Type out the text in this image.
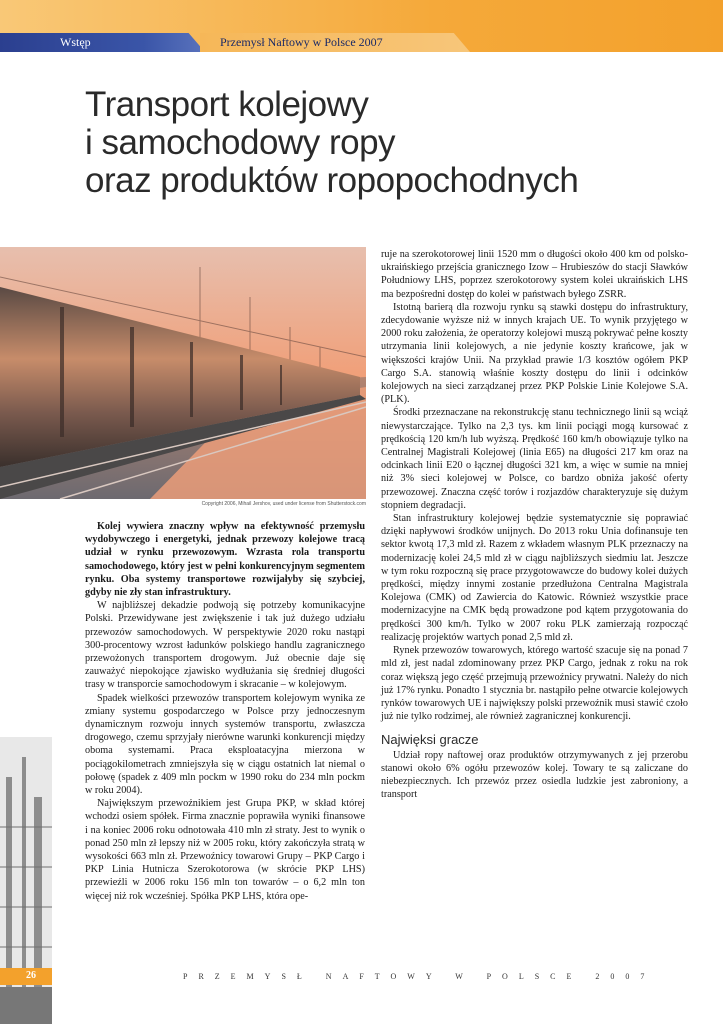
Wstęp	Przemysł Naftowy w Polsce 2007
Transport kolejowy
i samochodowy ropy
oraz produktów ropopochodnych
Copyright 2006, Mihail Jershov, used under license from Shutterstock.com

Kolej wywiera znaczny wpływ na efektywność przemysłu wydobywczego i energetyki, jednak przewozy kolejowe tracą udział w rynku przewozowym. Wzrasta rola transportu samochodowego, który jest w pełni konkurencyjnym segmentem rynku. Oba systemy transportowe rozwijałyby się szybciej, gdyby nie zły stan infrastruktury.

W najbliższej dekadzie podwoją się potrzeby komunikacyjne Polski. Przewidywane jest zwiększenie i tak już dużego udziału przewozów samochodowych. W perspektywie 2020 roku nastąpi 300-procentowy wzrost ładunków polskiego handlu zagranicznego przewożonych transportem drogowym. Już obecnie daje się zauważyć niepokojące zjawisko wydłużania się średniej długości trasy w transporcie samochodowym i skracanie – w kolejowym.

Spadek wielkości przewozów transportem kolejowym wynika ze zmiany systemu gospodarczego w Polsce przy jednoczesnym dynamicznym rozwoju innych systemów transportu, zwłaszcza drogowego, czemu sprzyjały nierówne warunki konkurencji między oboma systemami. Praca eksploatacyjna mierzona w pociągokilometrach zmniejszyła się w ciągu ostatnich lat niemal o połowę (spadek z 409 mln pockm w 1990 roku do 234 mln pockm w roku 2004).

Największym przewoźnikiem jest Grupa PKP, w skład której wchodzi osiem spółek. Firma znacznie poprawiła wyniki finansowe i na koniec 2006 roku odnotowała 410 mln zł straty. Jest to wynik o ponad 250 mln zł lepszy niż w 2005 roku, który zakończyła stratą w wysokości 663 mln zł. Przewoźnicy towarowi Grupy – PKP Cargo i PKP Linia Hutnicza Szerokotorowa (w skrócie PKP LHS) przewieźli w 2006 roku 156 mln ton towarów – o 6,2 mln ton więcej niż rok wcześniej. Spółka PKP LHS, która ope-

ruje na szerokotorowej linii 1520 mm o długości około 400 km od polsko-ukraińskiego przejścia granicznego Izow – Hrubieszów do stacji Sławków Południowy LHS, poprzez szerokotorowy system kolei ukraińskich LHS ma bezpośredni dostęp do kolei w państwach byłego ZSRR.

Istotną barierą dla rozwoju rynku są stawki dostępu do infrastruktury, zdecydowanie wyższe niż w innych krajach UE. To wynik przyjętego w 2000 roku założenia, że operatorzy kolejowi muszą pokrywać pełne koszty utrzymania linii kolejowych, a nie jedynie koszty krańcowe, jak w większości krajów Unii. Na przykład prawie 1/3 kosztów ogółem PKP Cargo S.A. stanowią właśnie koszty dostępu do linii i odcinków kolejowych na sieci zarządzanej przez PKP Polskie Linie Kolejowe S.A. (PLK).

Środki przeznaczane na rekonstrukcję stanu technicznego linii są wciąż niewystarczające. Tylko na 2,3 tys. km linii pociągi mogą kursować z prędkością 120 km/h lub wyższą. Prędkość 160 km/h obowiązuje tylko na Centralnej Magistrali Kolejowej (linia E65) na długości 217 km oraz na odcinkach linii E20 o łącznej długości 321 km, a więc w sumie na mniej niż 3% sieci kolejowej w Polsce, co bardzo obniża jakość oferty przewozowej. Znaczna część torów i rozjazdów charakteryzuje się dużym stopniem degradacji.

Stan infrastruktury kolejowej będzie systematycznie się poprawiać dzięki napływowi środków unijnych. Do 2013 roku Unia dofinansuje ten sektor kwotą 17,3 mld zł. Razem z wkładem własnym PLK przeznaczy na modernizację kolei 24,5 mld zł w ciągu najbliższych siedmiu lat. Jeszcze w tym roku rozpoczną się prace przygotowawcze do budowy kolei dużych prędkości, między innymi zostanie przedłużona Centralna Magistrala Kolejowa (CMK) od Zawiercia do Katowic. Również wszystkie prace modernizacyjne na CMK będą prowadzone pod kątem przygotowania do prędkości 300 km/h. Tylko w 2007 roku PLK zamierzają rozpocząć realizację projektów wartych ponad 2,5 mld zł.

Rynek przewozów towarowych, którego wartość szacuje się na ponad 7 mld zł, jest nadal zdominowany przez PKP Cargo, jednak z roku na rok coraz większą jego część przejmują przewoźnicy prywatni. Należy do nich już 17% rynku. Ponadto 1 stycznia br. nastąpiło pełne otwarcie kolejowych rynków towarowych UE i największy polski przewoźnik musi stawić czoło już nie tylko rodzimej, ale również zagranicznej konkurencji.

Najwięksi gracze

Udział ropy naftowej oraz produktów otrzymywanych z jej przerobu stanowi około 6% ogółu przewozów kolej. Towary te są zaliczane do niebezpiecznych. Ich przewóz przez osiedla ludzkie jest zabroniony, a transport

26	PRZEMYSŁ NAFTOWY W POLSCE 2007
